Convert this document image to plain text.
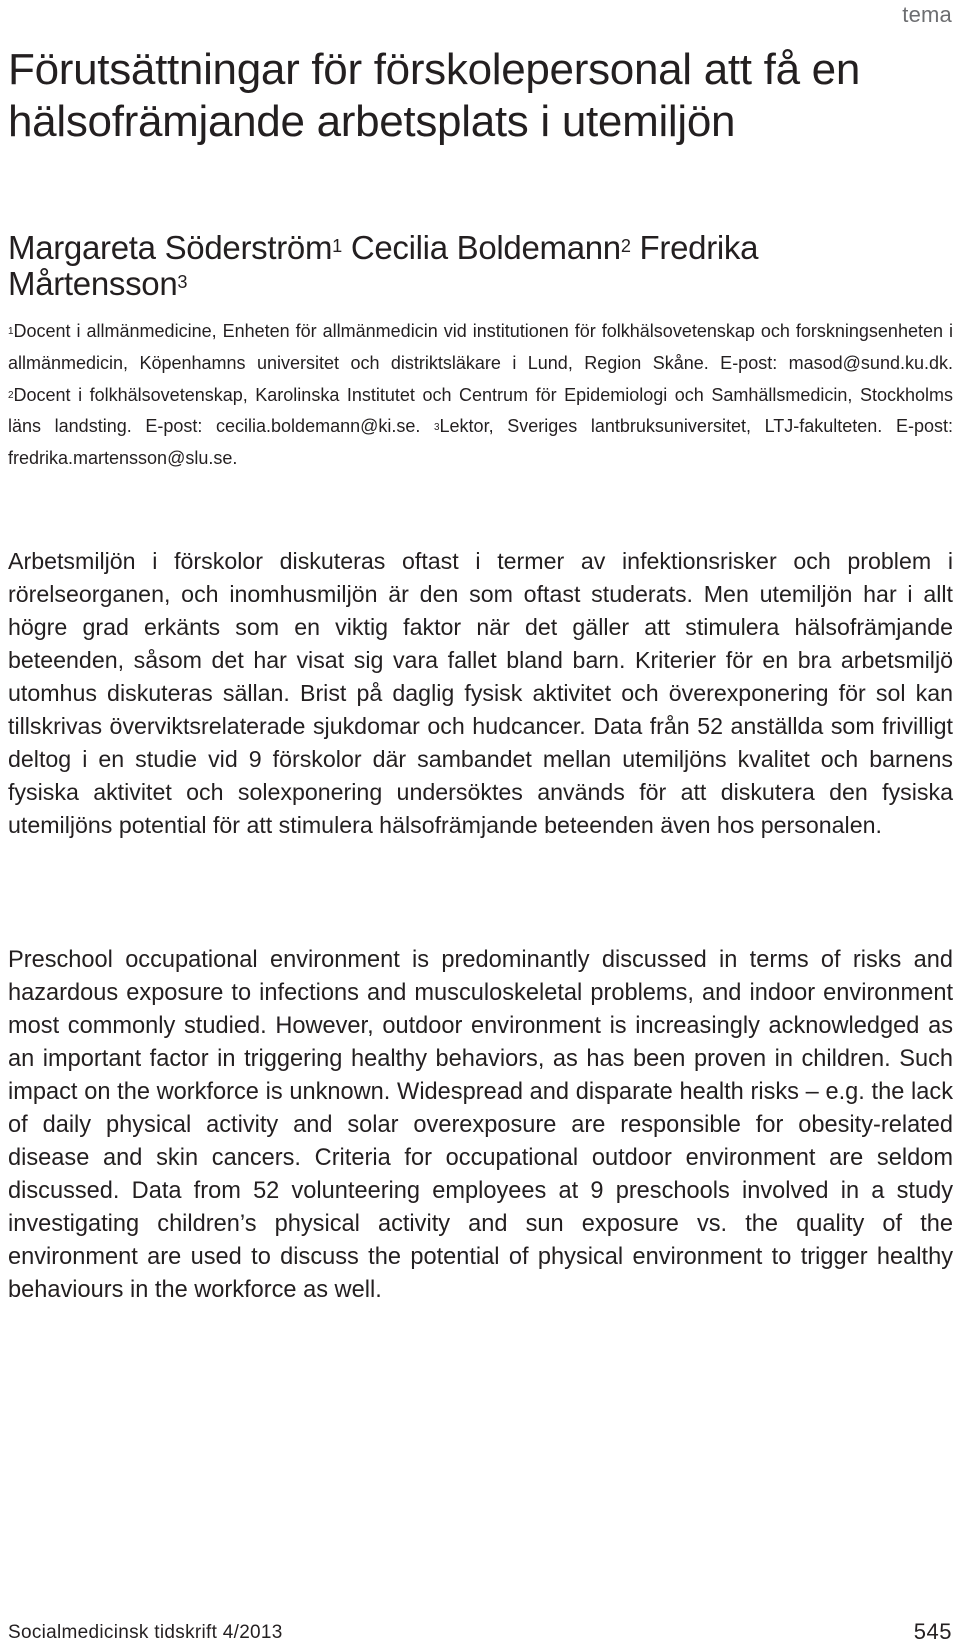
tema
Förutsättningar för förskolepersonal att få en hälsofrämjande arbetsplats i utemiljön
Margareta Söderström$^1$ Cecilia Boldemann$^2$ Fredrika Mårtensson$^3$
$^1$Docent i allmänmedicine, Enheten för allmänmedicin vid institutionen för folkhälsovetenskap och forskningsenheten i allmänmedicin, Köpenhamns universitet och distriktsläkare i Lund, Region Skåne. E-post: masod@sund.ku.dk. $^2$Docent i folkhälsovetenskap, Karolinska Institutet och Centrum för Epidemiologi och Samhällsmedicin, Stockholms läns landsting. E-post: cecilia.boldemann@ki.se. $^3$Lektor, Sveriges lantbruksuniversitet, LTJ-fakulteten. E-post: fredrika.martensson@slu.se.

Arbetsmiljön i förskolor diskuteras oftast i termer av infektionsrisker och problem i rörelseorganen, och inomhusmiljön är den som oftast studerats. Men utemiljön har i allt högre grad erkänts som en viktig faktor när det gäller att stimulera hälsofrämjande beteenden, såsom det har visat sig vara fallet bland barn. Kriterier för en bra arbetsmiljö utomhus diskuteras sällan. Brist på daglig fysisk aktivitet och överexponering för sol kan tillskrivas överviktsrelaterade sjukdomar och hudcancer. Data från 52 anställda som frivilligt deltog i en studie vid 9 förskolor där sambandet mellan utemiljöns kvalitet och barnens fysiska aktivitet och solexponering undersöktes används för att diskutera den fysiska utemiljöns potential för att stimulera hälsofrämjande beteenden även hos personalen.

Preschool occupational environment is predominantly discussed in terms of risks and hazardous exposure to infections and musculoskeletal problems, and indoor environment most commonly studied. However, outdoor environment is increasingly acknowledged as an important factor in triggering healthy behaviors, as has been proven in children. Such impact on the workforce is unknown. Widespread and disparate health risks – e.g. the lack of daily physical activity and solar overexposure are responsible for obesity-related disease and skin cancers. Criteria for occupational outdoor environment are seldom discussed. Data from 52 volunteering employees at 9 preschools involved in a study investigating children’s physical activity and sun exposure vs. the quality of the environment are used to discuss the potential of physical environment to trigger healthy behaviours in the workforce as well.

Socialmedicinsk tidskrift 4/2013	545
